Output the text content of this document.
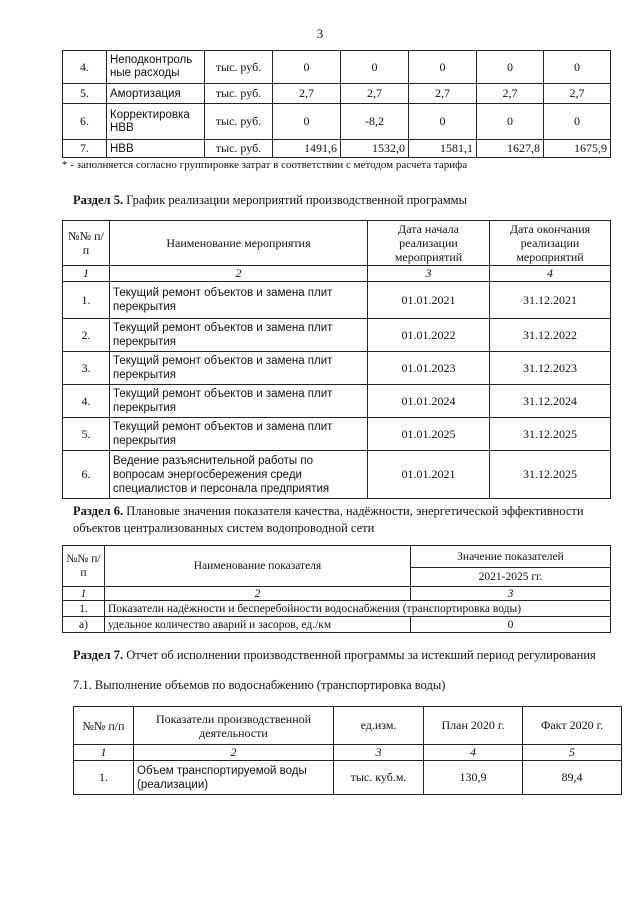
3
4.	Неподконтроль ные расходы	тыс. руб.	0	0	0	0	0
5.	Амортизация	тыс. руб.	2,7	2,7	2,7	2,7	2,7
6.	Корректировка НВВ	тыс. руб.	0	-8,2	0	0	0
7.	НВВ	тыс. руб.	1491,6	1532,0	1581,1	1627,8	1675,9
* - заполняется согласно группировке затрат в соответствии с методом расчета тарифа
Раздел 5. График реализации мероприятий производственной программы
№№ п/п	Наименование мероприятия	Дата начала реализации мероприятий	Дата окончания реализации мероприятий
1	2	3	4
1.	Текущий ремонт объектов и замена плит перекрытия	01.01.2021	31.12.2021
2.	Текущий ремонт объектов и замена плит перекрытия	01.01.2022	31.12.2022
3.	Текущий ремонт объектов и замена плит перекрытия	01.01.2023	31.12.2023
4.	Текущий ремонт объектов и замена плит перекрытия	01.01.2024	31.12.2024
5.	Текущий ремонт объектов и замена плит перекрытия	01.01.2025	31.12.2025
6.	Ведение разъяснительной работы по вопросам энергосбережения среди специалистов и персонала предприятия	01.01.2021	31.12.2025
Раздел 6. Плановые значения показателя качества, надёжности, энергетической эффективности объектов централизованных систем водопроводной сети
№№ п/п	Наименование показателя	Значение показателей
		2021-2025 гг.
1	2	3
1.	Показатели надёжности и бесперебойности водоснабжения (транспортировка воды)	
а)	удельное количество аварий и засоров, ед./км	0
Раздел 7. Отчет об исполнении производственной программы за истекший период регулирования
7.1. Выполнение объемов по водоснабжению (транспортировка воды)
№№ п/п	Показатели производственной деятельности	ед.изм.	План 2020 г.	Факт 2020 г.
1	2	3	4	5
1.	Объем транспортируемой воды (реализации)	тыс. куб.м.	130,9	89,4
